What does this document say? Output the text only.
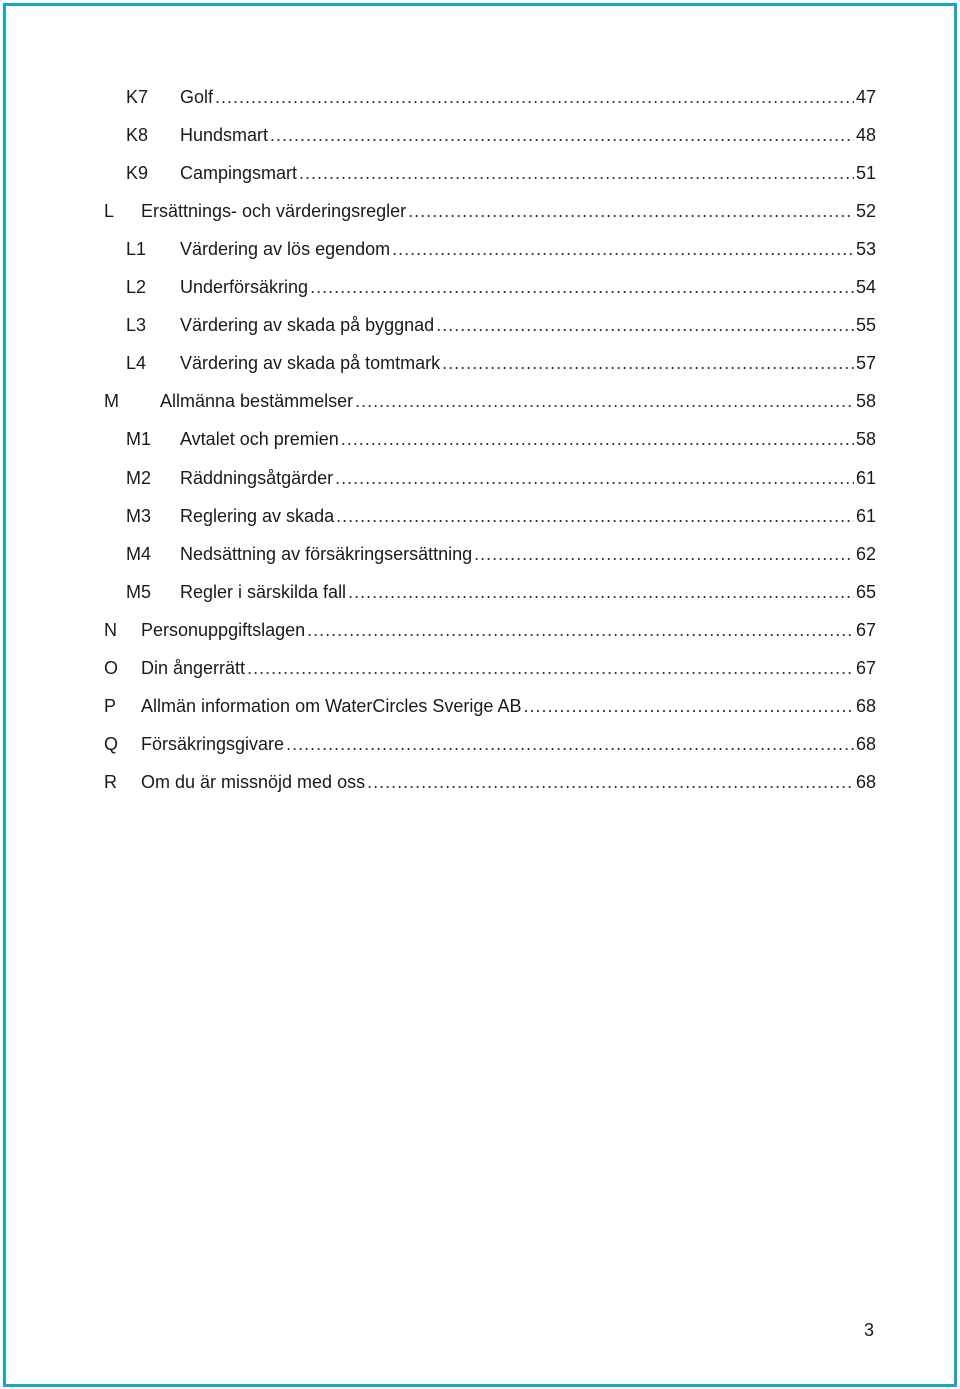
K7 Golf .....	47
K8 Hundsmart .....	48
K9 Campingsmart .....	51
L Ersättnings- och värderingsregler .....	52
L1 Värdering av lös egendom .....	53
L2 Underförsäkring .....	54
L3 Värdering av skada på byggnad .....	55
L4 Värdering av skada på tomtmark .....	57
M Allmänna bestämmelser .....	58
M1 Avtalet och premien .....	58
M2 Räddningsåtgärder .....	61
M3 Reglering av skada .....	61
M4 Nedsättning av försäkringsersättning .....	62
M5 Regler i särskilda fall .....	65
N Personuppgiftslagen .....	67
O Din ångerrätt .....	67
P Allmän information om WaterCircles Sverige AB .....	68
Q Försäkringsgivare .....	68
R Om du är missnöjd med oss .....	68
3
